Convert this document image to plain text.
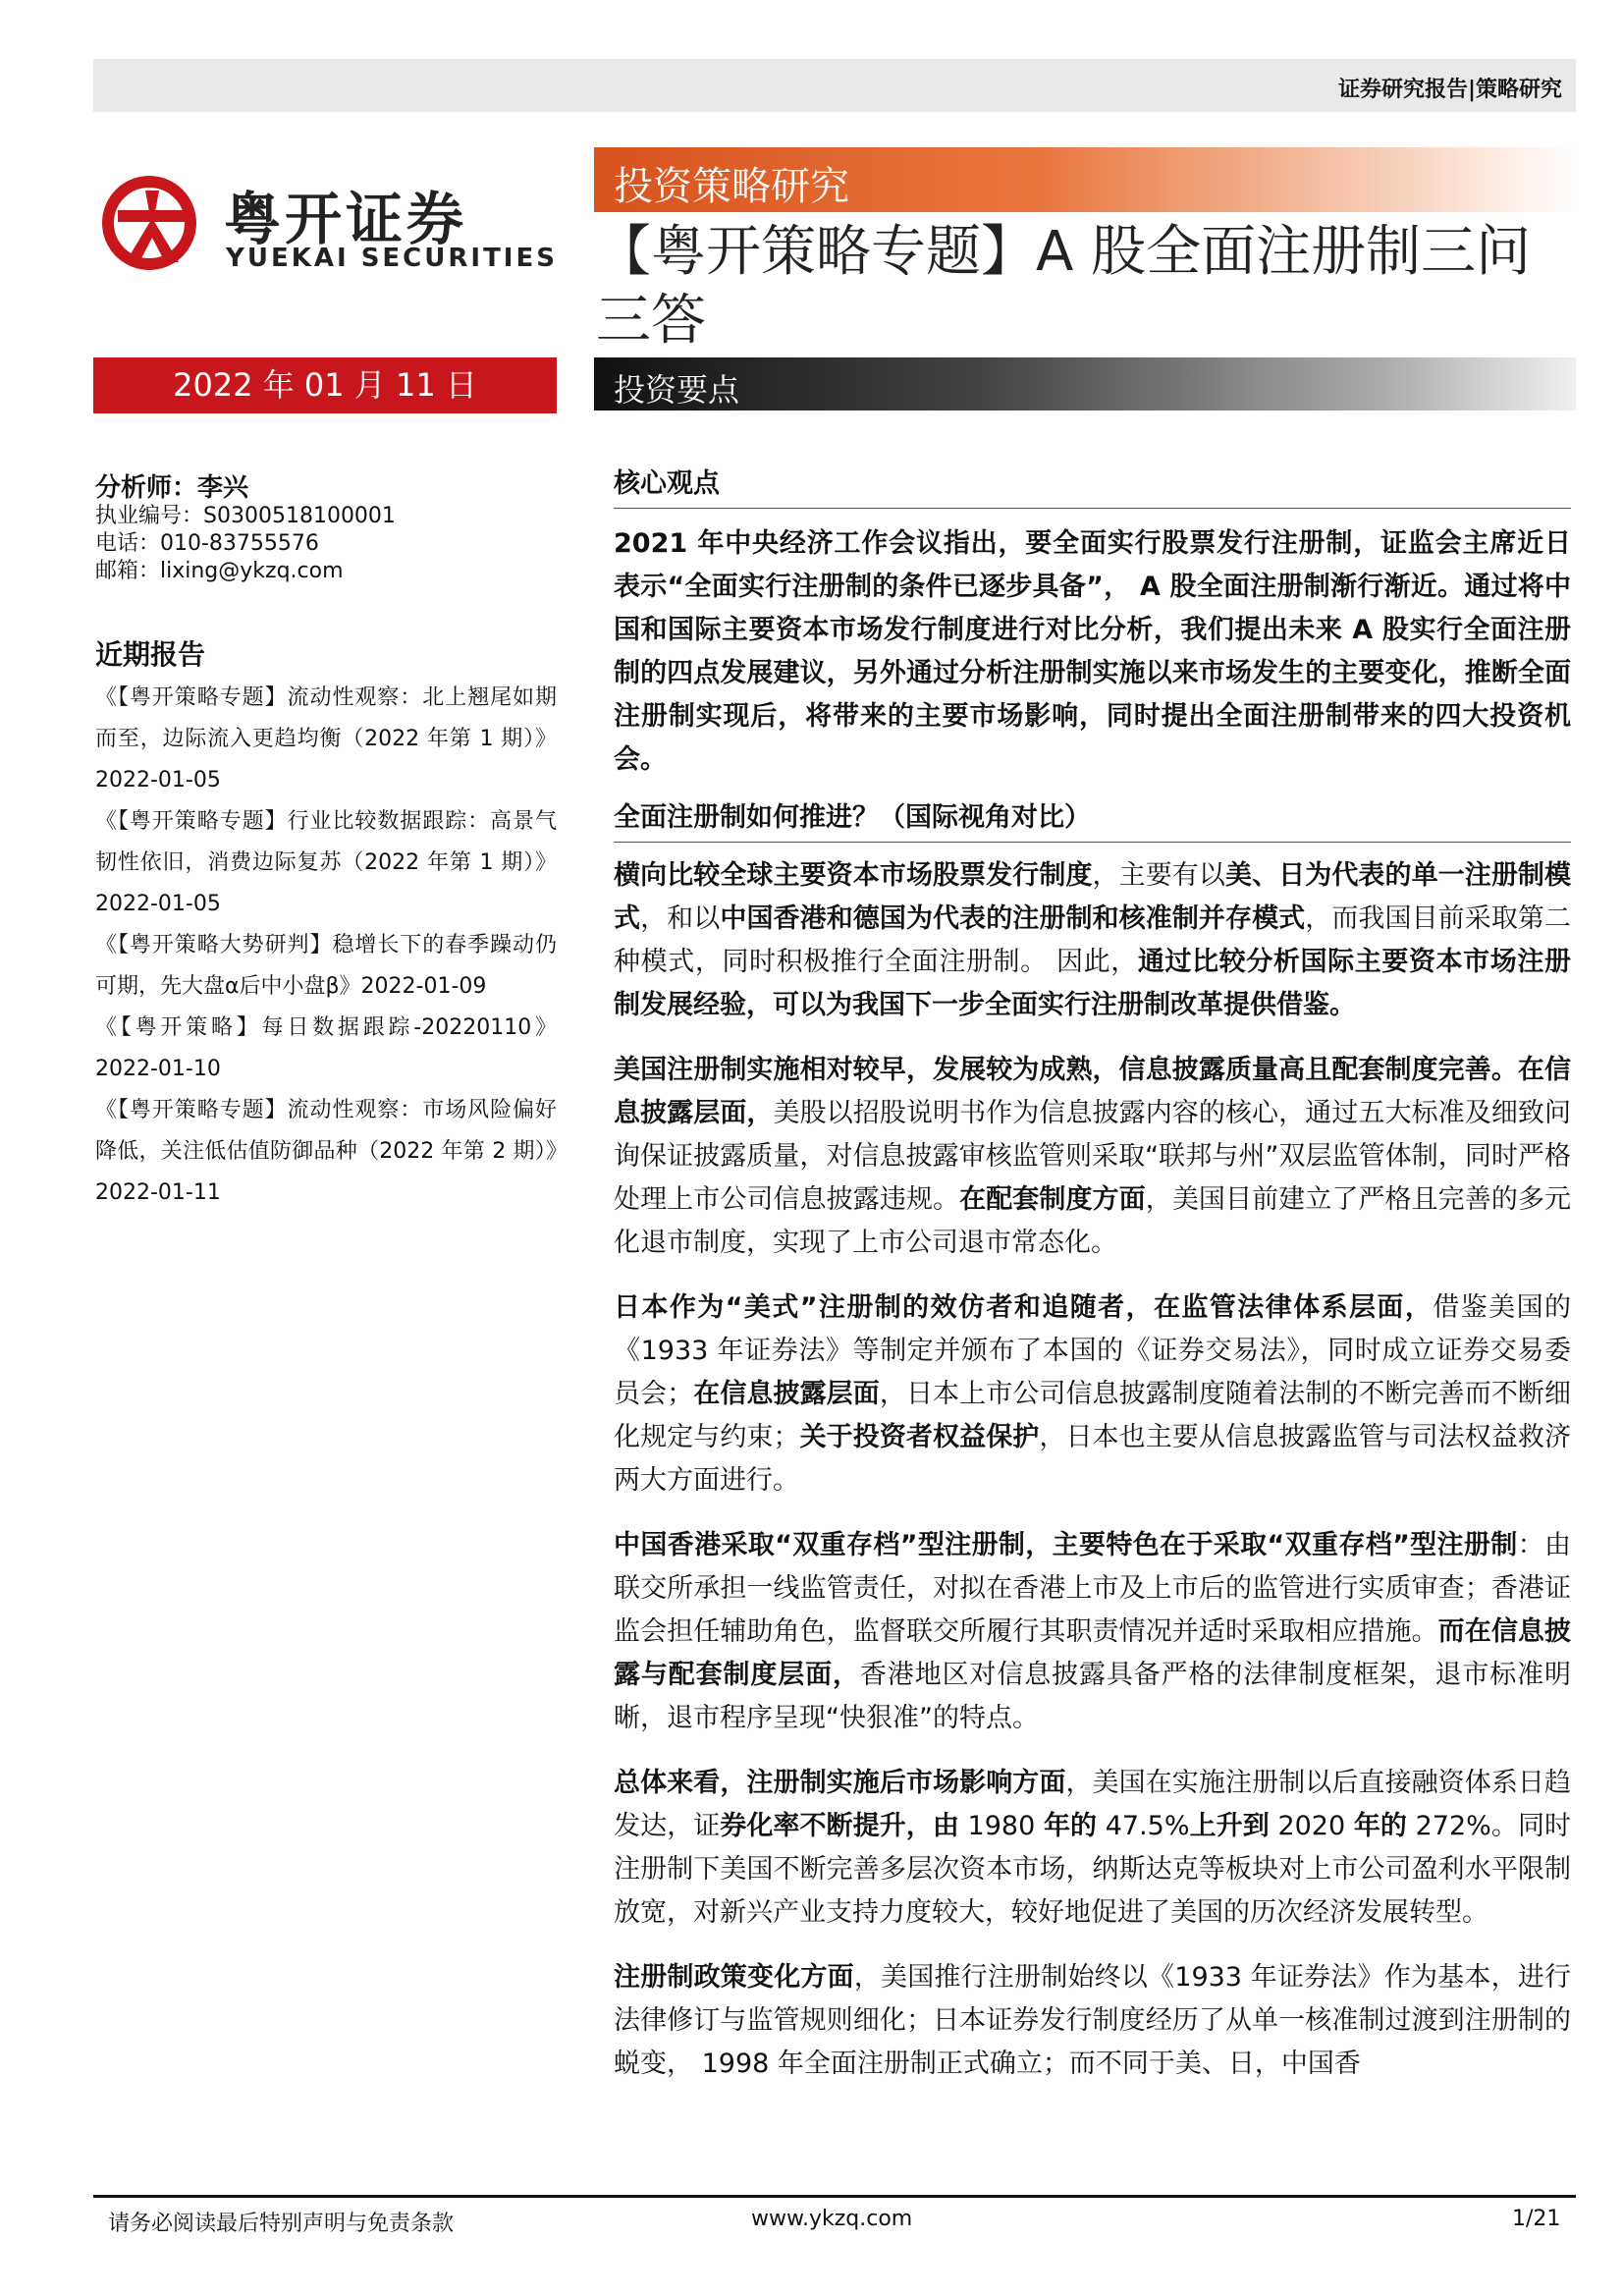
证券研究报告|策略研究
粤开证券
YUEKAI SECURITIES
投资策略研究
【粤开策略专题】A 股全面注册制三问三答
2022 年 01 月 11 日	投资要点
分析师：李兴
执业编号：S0300518100001
电话：010-83755576
邮箱：lixing@ykzq.com
近期报告
《【粤开策略专题】流动性观察：北上翘尾如期而至，边际流入更趋均衡（2022 年第 1 期）》2022-01-05
《【粤开策略专题】行业比较数据跟踪：高景气韧性依旧，消费边际复苏（2022 年第 1 期）》2022-01-05
《【粤开策略大势研判】稳增长下的春季躁动仍可期，先大盘α后中小盘β》2022-01-09
《【粤开策略】每日数据跟踪-20220110》2022-01-10
《【粤开策略专题】流动性观察：市场风险偏好降低，关注低估值防御品种（2022 年第 2 期）》2022-01-11
核心观点
2021 年中央经济工作会议指出，要全面实行股票发行注册制，证监会主席近日表示“全面实行注册制的条件已逐步具备”， A 股全面注册制渐行渐近。通过将中国和国际主要资本市场发行制度进行对比分析，我们提出未来 A 股实行全面注册制的四点发展建议，另外通过分析注册制实施以来市场发生的主要变化，推断全面注册制实现后，将带来的主要市场影响，同时提出全面注册制带来的四大投资机会。
全面注册制如何推进？（国际视角对比）

横向比较全球主要资本市场股票发行制度，主要有以美、日为代表的单一注册制模式，和以中国香港和德国为代表的注册制和核准制并存模式，而我国目前采取第二种模式，同时积极推行全面注册制。 因此，通过比较分析国际主要资本市场注册制发展经验，可以为我国下一步全面实行注册制改革提供借鉴。

美国注册制实施相对较早，发展较为成熟，信息披露质量高且配套制度完善。在信息披露层面，美股以招股说明书作为信息披露内容的核心，通过五大标准及细致问询保证披露质量，对信息披露审核监管则采取“联邦与州”双层监管体制，同时严格处理上市公司信息披露违规。在配套制度方面，美国目前建立了严格且完善的多元化退市制度，实现了上市公司退市常态化。

日本作为“美式”注册制的效仿者和追随者，在监管法律体系层面，借鉴美国的《1933 年证券法》等制定并颁布了本国的《证券交易法》，同时成立证券交易委员会；在信息披露层面，日本上市公司信息披露制度随着法制的不断完善而不断细化规定与约束；关于投资者权益保护，日本也主要从信息披露监管与司法权益救济两大方面进行。

中国香港采取“双重存档”型注册制，主要特色在于采取“双重存档”型注册制：由联交所承担一线监管责任，对拟在香港上市及上市后的监管进行实质审查；香港证监会担任辅助角色，监督联交所履行其职责情况并适时采取相应措施。而在信息披露与配套制度层面，香港地区对信息披露具备严格的法律制度框架，退市标准明晰，退市程序呈现“快狠准”的特点。

总体来看，注册制实施后市场影响方面，美国在实施注册制以后直接融资体系日趋发达，证券化率不断提升，由 1980 年的 47.5%上升到 2020 年的 272%。同时注册制下美国不断完善多层次资本市场，纳斯达克等板块对上市公司盈利水平限制放宽，对新兴产业支持力度较大，较好地促进了美国的历次经济发展转型。

注册制政策变化方面，美国推行注册制始终以《1933 年证券法》作为基本，进行法律修订与监管规则细化；日本证券发行制度经历了从单一核准制过渡到注册制的蜕变， 1998 年全面注册制正式确立；而不同于美、日，中国香

请务必阅读最后特别声明与免责条款	www.ykzq.com	1/21
